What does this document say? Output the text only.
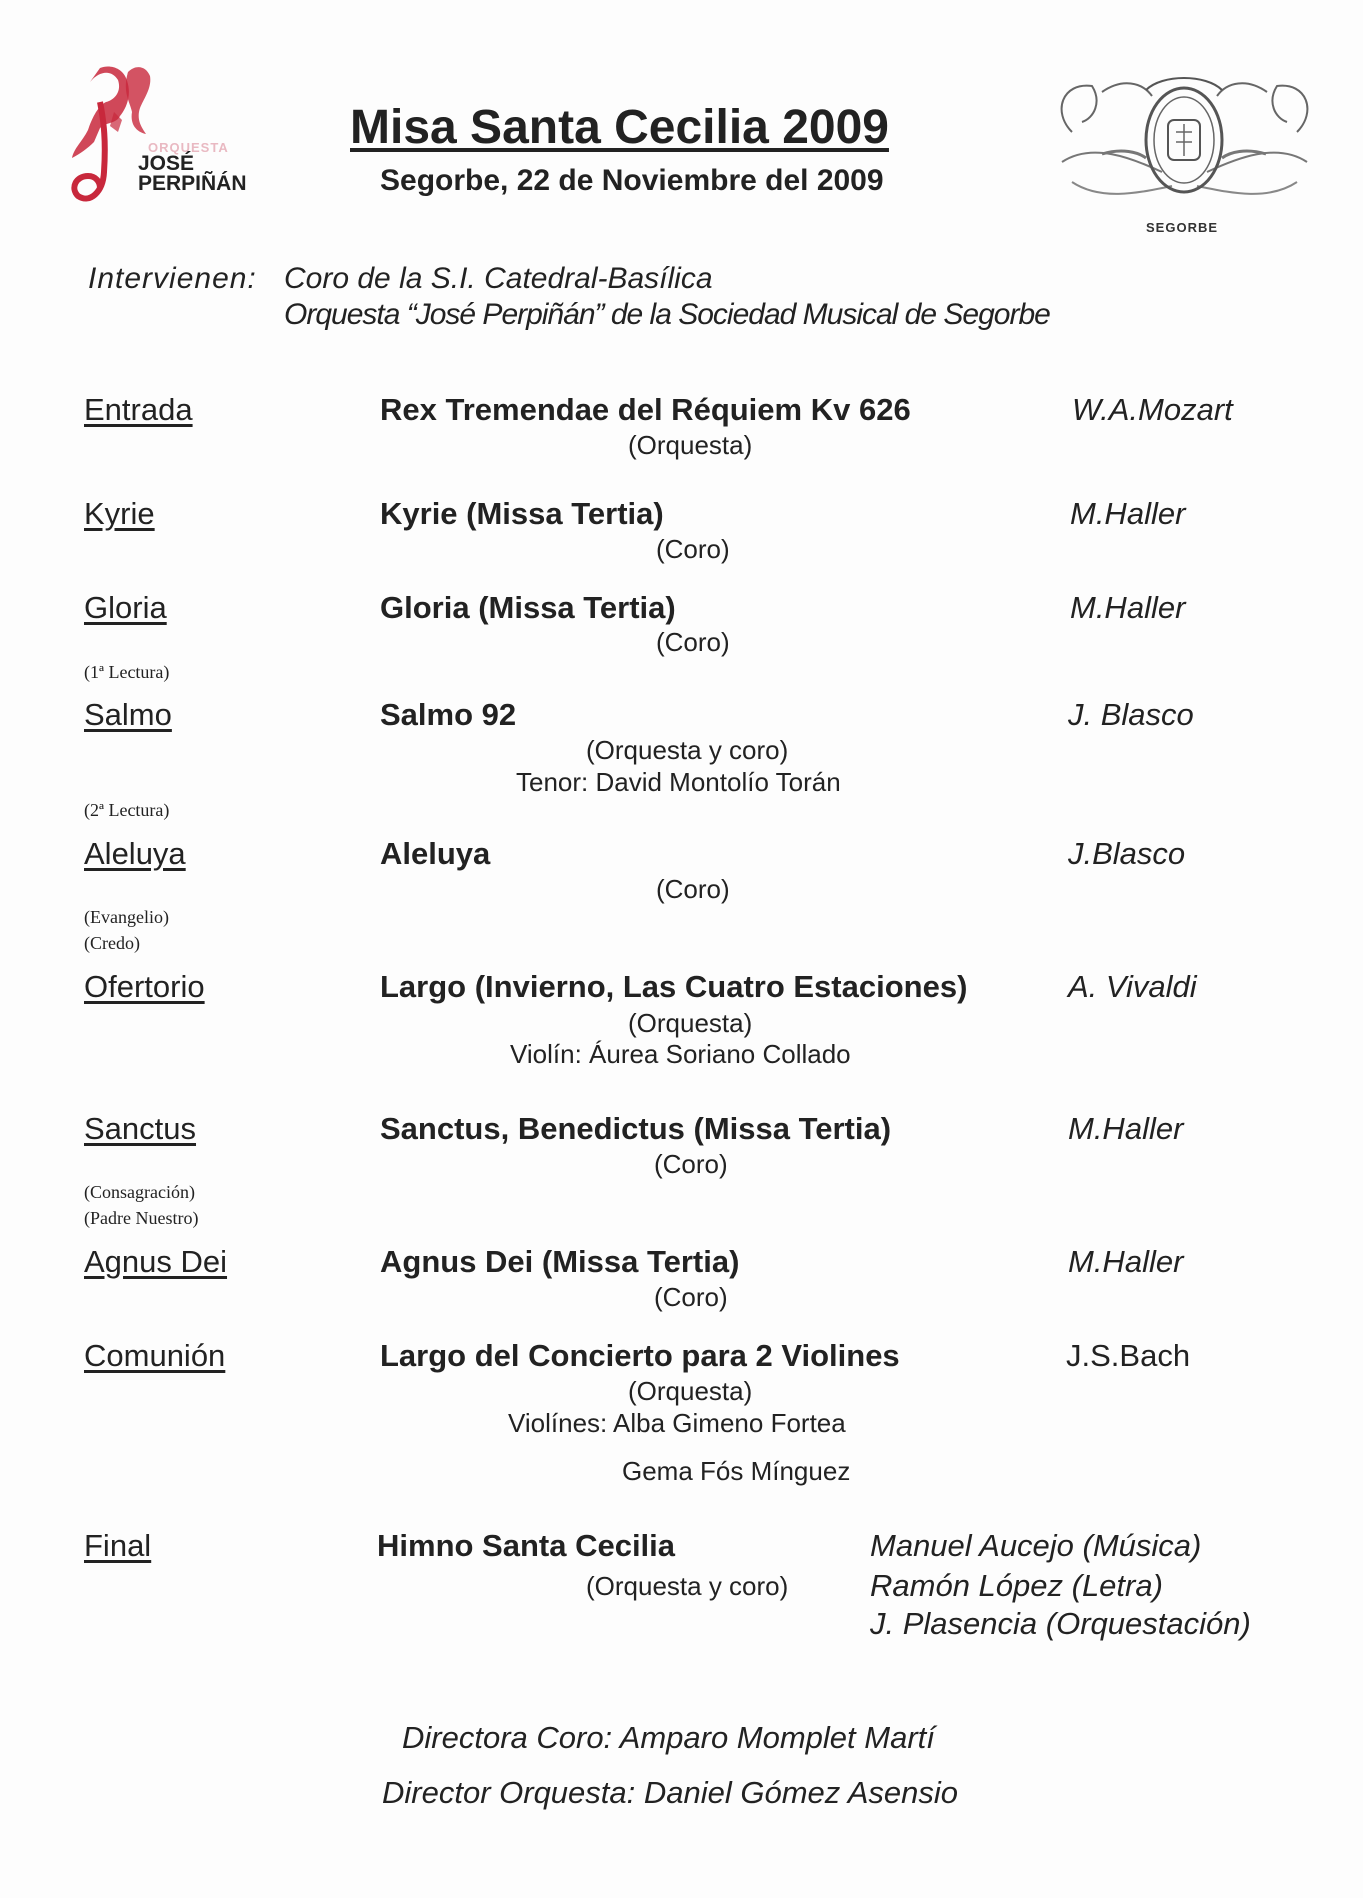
ORQUESTA
JOSÉ
PERPIÑÁN
SEGORBE
Misa Santa Cecilia 2009
Segorbe, 22 de Noviembre del 2009
Intervienen: Coro de la S.I. Catedral-Basílica
Orquesta “José Perpiñán” de la Sociedad Musical de Segorbe
Entrada	Rex Tremendae del Réquiem Kv 626
(Orquesta)
W.A.Mozart
Kyrie	Kyrie (Missa Tertia)
(Coro)
M.Haller
Gloria	Gloria (Missa Tertia)
(Coro)
M.Haller
(1ª Lectura)
Salmo	Salmo 92
(Orquesta y coro)
Tenor: David Montolío Torán
J. Blasco
(2ª Lectura)
Aleluya	Aleluya
(Coro)
J.Blasco
(Evangelio)
(Credo)
Ofertorio	Largo (Invierno, Las Cuatro Estaciones)
(Orquesta)
Violín: Áurea Soriano Collado
A. Vivaldi
Sanctus	Sanctus, Benedictus (Missa Tertia)
(Coro)
M.Haller
(Consagración)
(Padre Nuestro)
Agnus Dei	Agnus Dei (Missa Tertia)
(Coro)
M.Haller
Comunión	Largo del Concierto para 2 Violines
(Orquesta)
Violínes: Alba Gimeno Fortea
Gema Fós Mínguez
J.S.Bach
Final	Himno Santa Cecilia
(Orquesta y coro)
Manuel Aucejo (Música)
Ramón López (Letra)
J. Plasencia (Orquestación)
Directora Coro: Amparo Momplet Martí
Director Orquesta: Daniel Gómez Asensio
